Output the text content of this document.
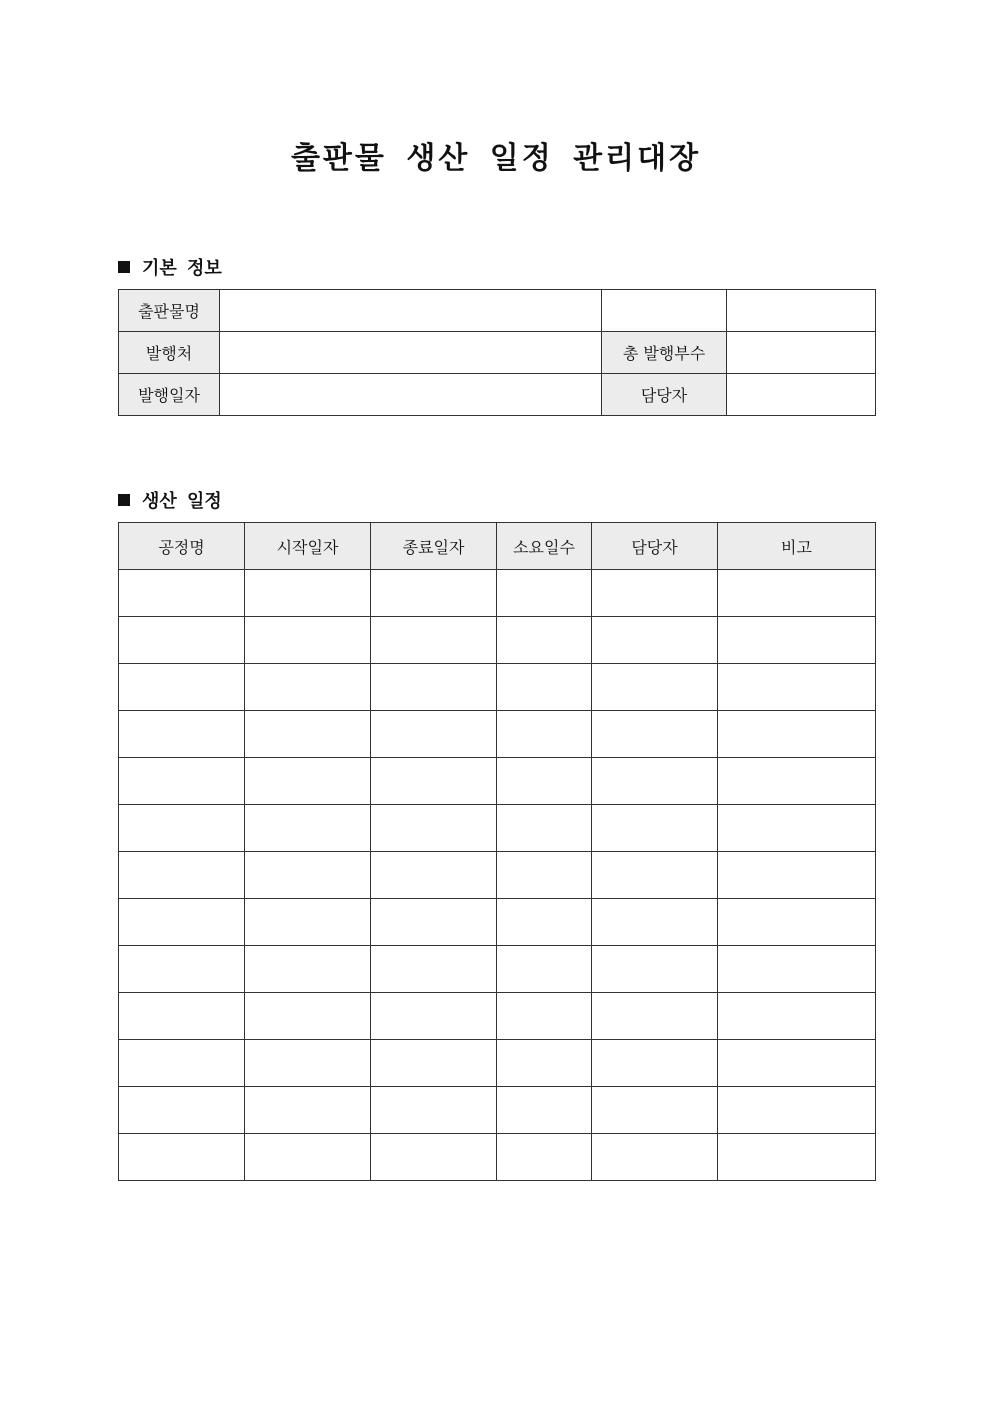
출판물 생산 일정 관리대장
기본 정보
출판물명			
발행처		총 발행부수	
발행일자		담당자	
생산 일정
공정명	시작일자	종료일자	소요일수	담당자	비고
